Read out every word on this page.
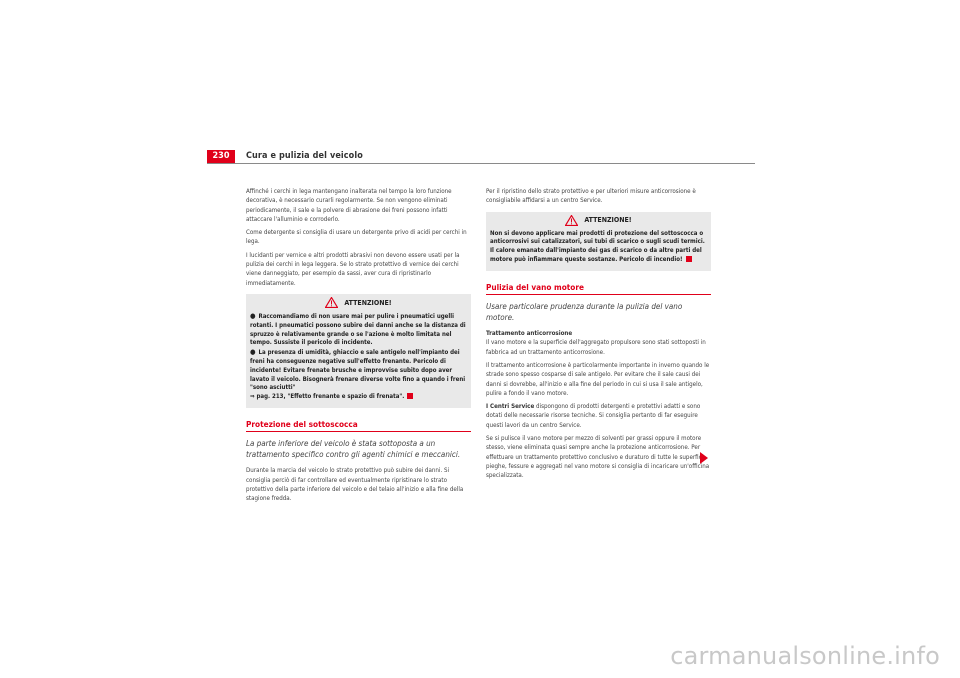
230	Cura e pulizia del veicolo

Affinché i cerchi in lega mantengano inalterata nel tempo la loro funzione decorativa, è necessario curarli regolarmente. Se non vengono eliminati periodicamente, il sale e la polvere di abrasione dei freni possono infatti attaccare l'alluminio e corroderlo.

Come detergente si consiglia di usare un detergente privo di acidi per cerchi in lega.

I lucidanti per vernice e altri prodotti abrasivi non devono essere usati per la pulizia dei cerchi in lega leggera. Se lo strato protettivo di vernice dei cerchi viene danneggiato, per esempio da sassi, aver cura di ripristinarlo immediatamente.

ATTENZIONE!
● Raccomandiamo di non usare mai per pulire i pneumatici ugelli rotanti. I pneumatici possono subire dei danni anche se la distanza di spruzzo è relativamente grande o se l'azione è molto limitata nel tempo. Sussiste il pericolo di incidente.
● La presenza di umidità, ghiaccio e sale antigelo nell'impianto dei freni ha conseguenze negative sull'effetto frenante. Pericolo di incidente! Evitare frenate brusche e improvvise subito dopo aver lavato il veicolo. Bisognerà frenare diverse volte fino a quando i freni "sono asciutti"
⇒ pag. 213, "Effetto frenante e spazio di frenata".
Protezione del sottoscocca
La parte inferiore del veicolo è stata sottoposta a un trattamento specifico contro gli agenti chimici e meccanici.

Durante la marcia del veicolo lo strato protettivo può subire dei danni. Si consiglia perciò di far controllare ed eventualmente ripristinare lo strato protettivo della parte inferiore del veicolo e del telaio all'inizio e alla fine della stagione fredda.

Per il ripristino dello strato protettivo e per ulteriori misure anticorrosione è consigliabile affidarsi a un centro Service.

ATTENZIONE!
Non si devono applicare mai prodotti di protezione del sottoscocca o anticorrosivi sui catalizzatori, sui tubi di scarico o sugli scudi termici. Il calore emanato dall'impianto dei gas di scarico o da altre parti del motore può infiammare queste sostanze. Pericolo di incendio!
Pulizia del vano motore
Usare particolare prudenza durante la pulizia del vano motore.

Trattamento anticorrosione

Il vano motore e la superficie dell'aggregato propulsore sono stati sottoposti in fabbrica ad un trattamento anticorrosione.

Il trattamento anticorrosione è particolarmente importante in inverno quando le strade sono spesso cosparse di sale antigelo. Per evitare che il sale causi dei danni si dovrebbe, all'inizio e alla fine del periodo in cui si usa il sale antigelo, pulire a fondo il vano motore.

I Centri Service dispongono di prodotti detergenti e protettivi adatti e sono dotati delle necessarie risorse tecniche. Si consiglia pertanto di far eseguire questi lavori da un centro Service.

Se si pulisce il vano motore per mezzo di solventi per grassi oppure il motore stesso, viene eliminata quasi sempre anche la protezione anticorrosione. Per effettuare un trattamento protettivo conclusivo e duraturo di tutte le superfici, pieghe, fessure e aggregati nel vano motore si consiglia di incaricare un'officina specializzata.

carmanualsonline.info
